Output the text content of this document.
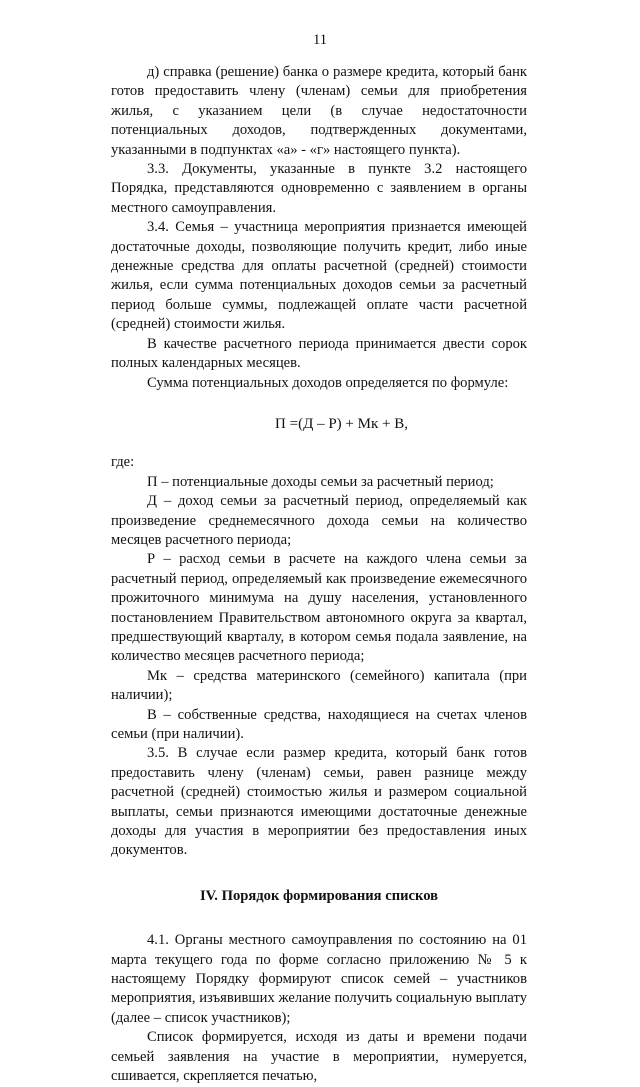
11

д) справка (решение) банка о размере кредита, который банк готов предоставить члену (членам) семьи для приобретения жилья, с указанием цели (в случае недостаточности потенциальных доходов, подтвержденных документами, указанными в подпунктах «а» - «г» настоящего пункта).

3.3. Документы, указанные в пункте 3.2 настоящего Порядка, представляются одновременно с заявлением в органы местного самоуправления.

3.4. Семья – участница мероприятия признается имеющей достаточные доходы, позволяющие получить кредит, либо иные денежные средства для оплаты расчетной (средней) стоимости жилья, если сумма потенциальных доходов семьи за расчетный период больше суммы, подлежащей оплате части расчетной (средней) стоимости жилья.

В качестве расчетного периода принимается двести сорок полных календарных месяцев.

Сумма потенциальных доходов определяется по формуле:

П =(Д – Р) + Мк + В,

где:

П – потенциальные доходы семьи за расчетный период;

Д – доход семьи за расчетный период, определяемый как произведение среднемесячного дохода семьи на количество месяцев расчетного периода;

Р – расход семьи в расчете на каждого члена семьи за расчетный период, определяемый как произведение ежемесячного прожиточного минимума на душу населения, установленного постановлением Правительством автономного округа за квартал, предшествующий кварталу, в котором семья подала заявление, на количество месяцев расчетного периода;

Мк – средства материнского (семейного) капитала (при наличии);

В – собственные средства, находящиеся на счетах членов семьи (при наличии).

3.5. В случае если размер кредита, который банк готов предоставить члену (членам) семьи, равен разнице между расчетной (средней) стоимостью жилья и размером социальной выплаты, семьи признаются имеющими достаточные денежные доходы для участия в мероприятии без предоставления иных документов.

IV. Порядок формирования списков

4.1. Органы местного самоуправления по состоянию на 01 марта текущего года по форме согласно приложению № 5 к настоящему Порядку формируют список семей – участников мероприятия, изъявивших желание получить социальную выплату (далее – список участников);

Список формируется, исходя из даты и времени подачи семьей заявления на участие в мероприятии, нумеруется, сшивается, скрепляется печатью,
